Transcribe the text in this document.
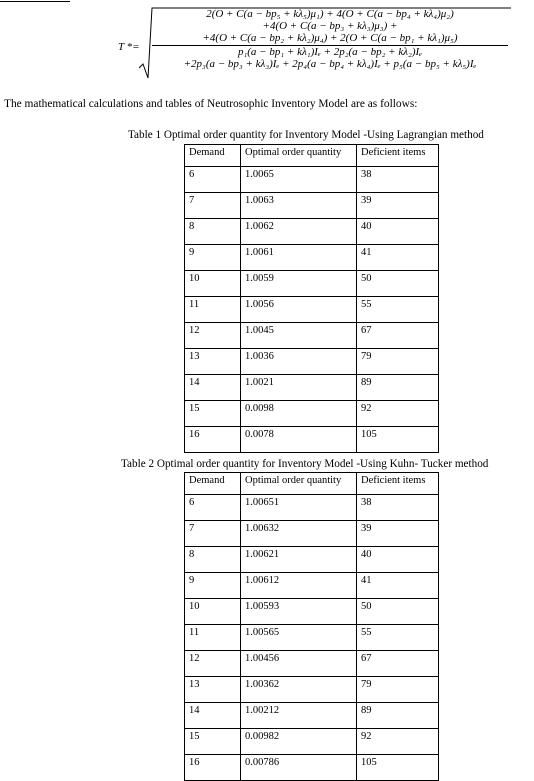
T *=
2(O + C(a − bp₅ + kλ₅)μ₁) + 4(O + C(a − bp₄ + kλ₄)μ₂)
+4(O + C(a − bp₃ + kλ₃)μ₃) +
+4(O + C(a − bp₂ + kλ₂)μ₄) + 2(O + C(a − bp₁ + kλ₁)μ₅)
p₁(a − bp₁ + kλ₁)Iₑ + 2p₂(a − bp₂ + kλ₂)Iₑ
+2p₃(a − bp₃ + kλ₃)Iₑ + 2p₄(a − bp₄ + kλ₄)Iₑ + p₅(a − bp₅ + kλ₅)Iₑ
The mathematical calculations and tables of Neutrosophic Inventory Model are as follows:
Table 1 Optimal order quantity for Inventory Model -Using Lagrangian method
Demand	Optimal order quantity	Deficient items
6	1.0065	38
7	1.0063	39
8	1.0062	40
9	1.0061	41
10	1.0059	50
11	1.0056	55
12	1.0045	67
13	1.0036	79
14	1.0021	89
15	0.0098	92
16	0.0078	105
Table 2 Optimal order quantity for Inventory Model -Using Kuhn- Tucker method
Demand	Optimal order quantity	Deficient items
6	1.00651	38
7	1.00632	39
8	1.00621	40
9	1.00612	41
10	1.00593	50
11	1.00565	55
12	1.00456	67
13	1.00362	79
14	1.00212	89
15	0.00982	92
16	0.00786	105
